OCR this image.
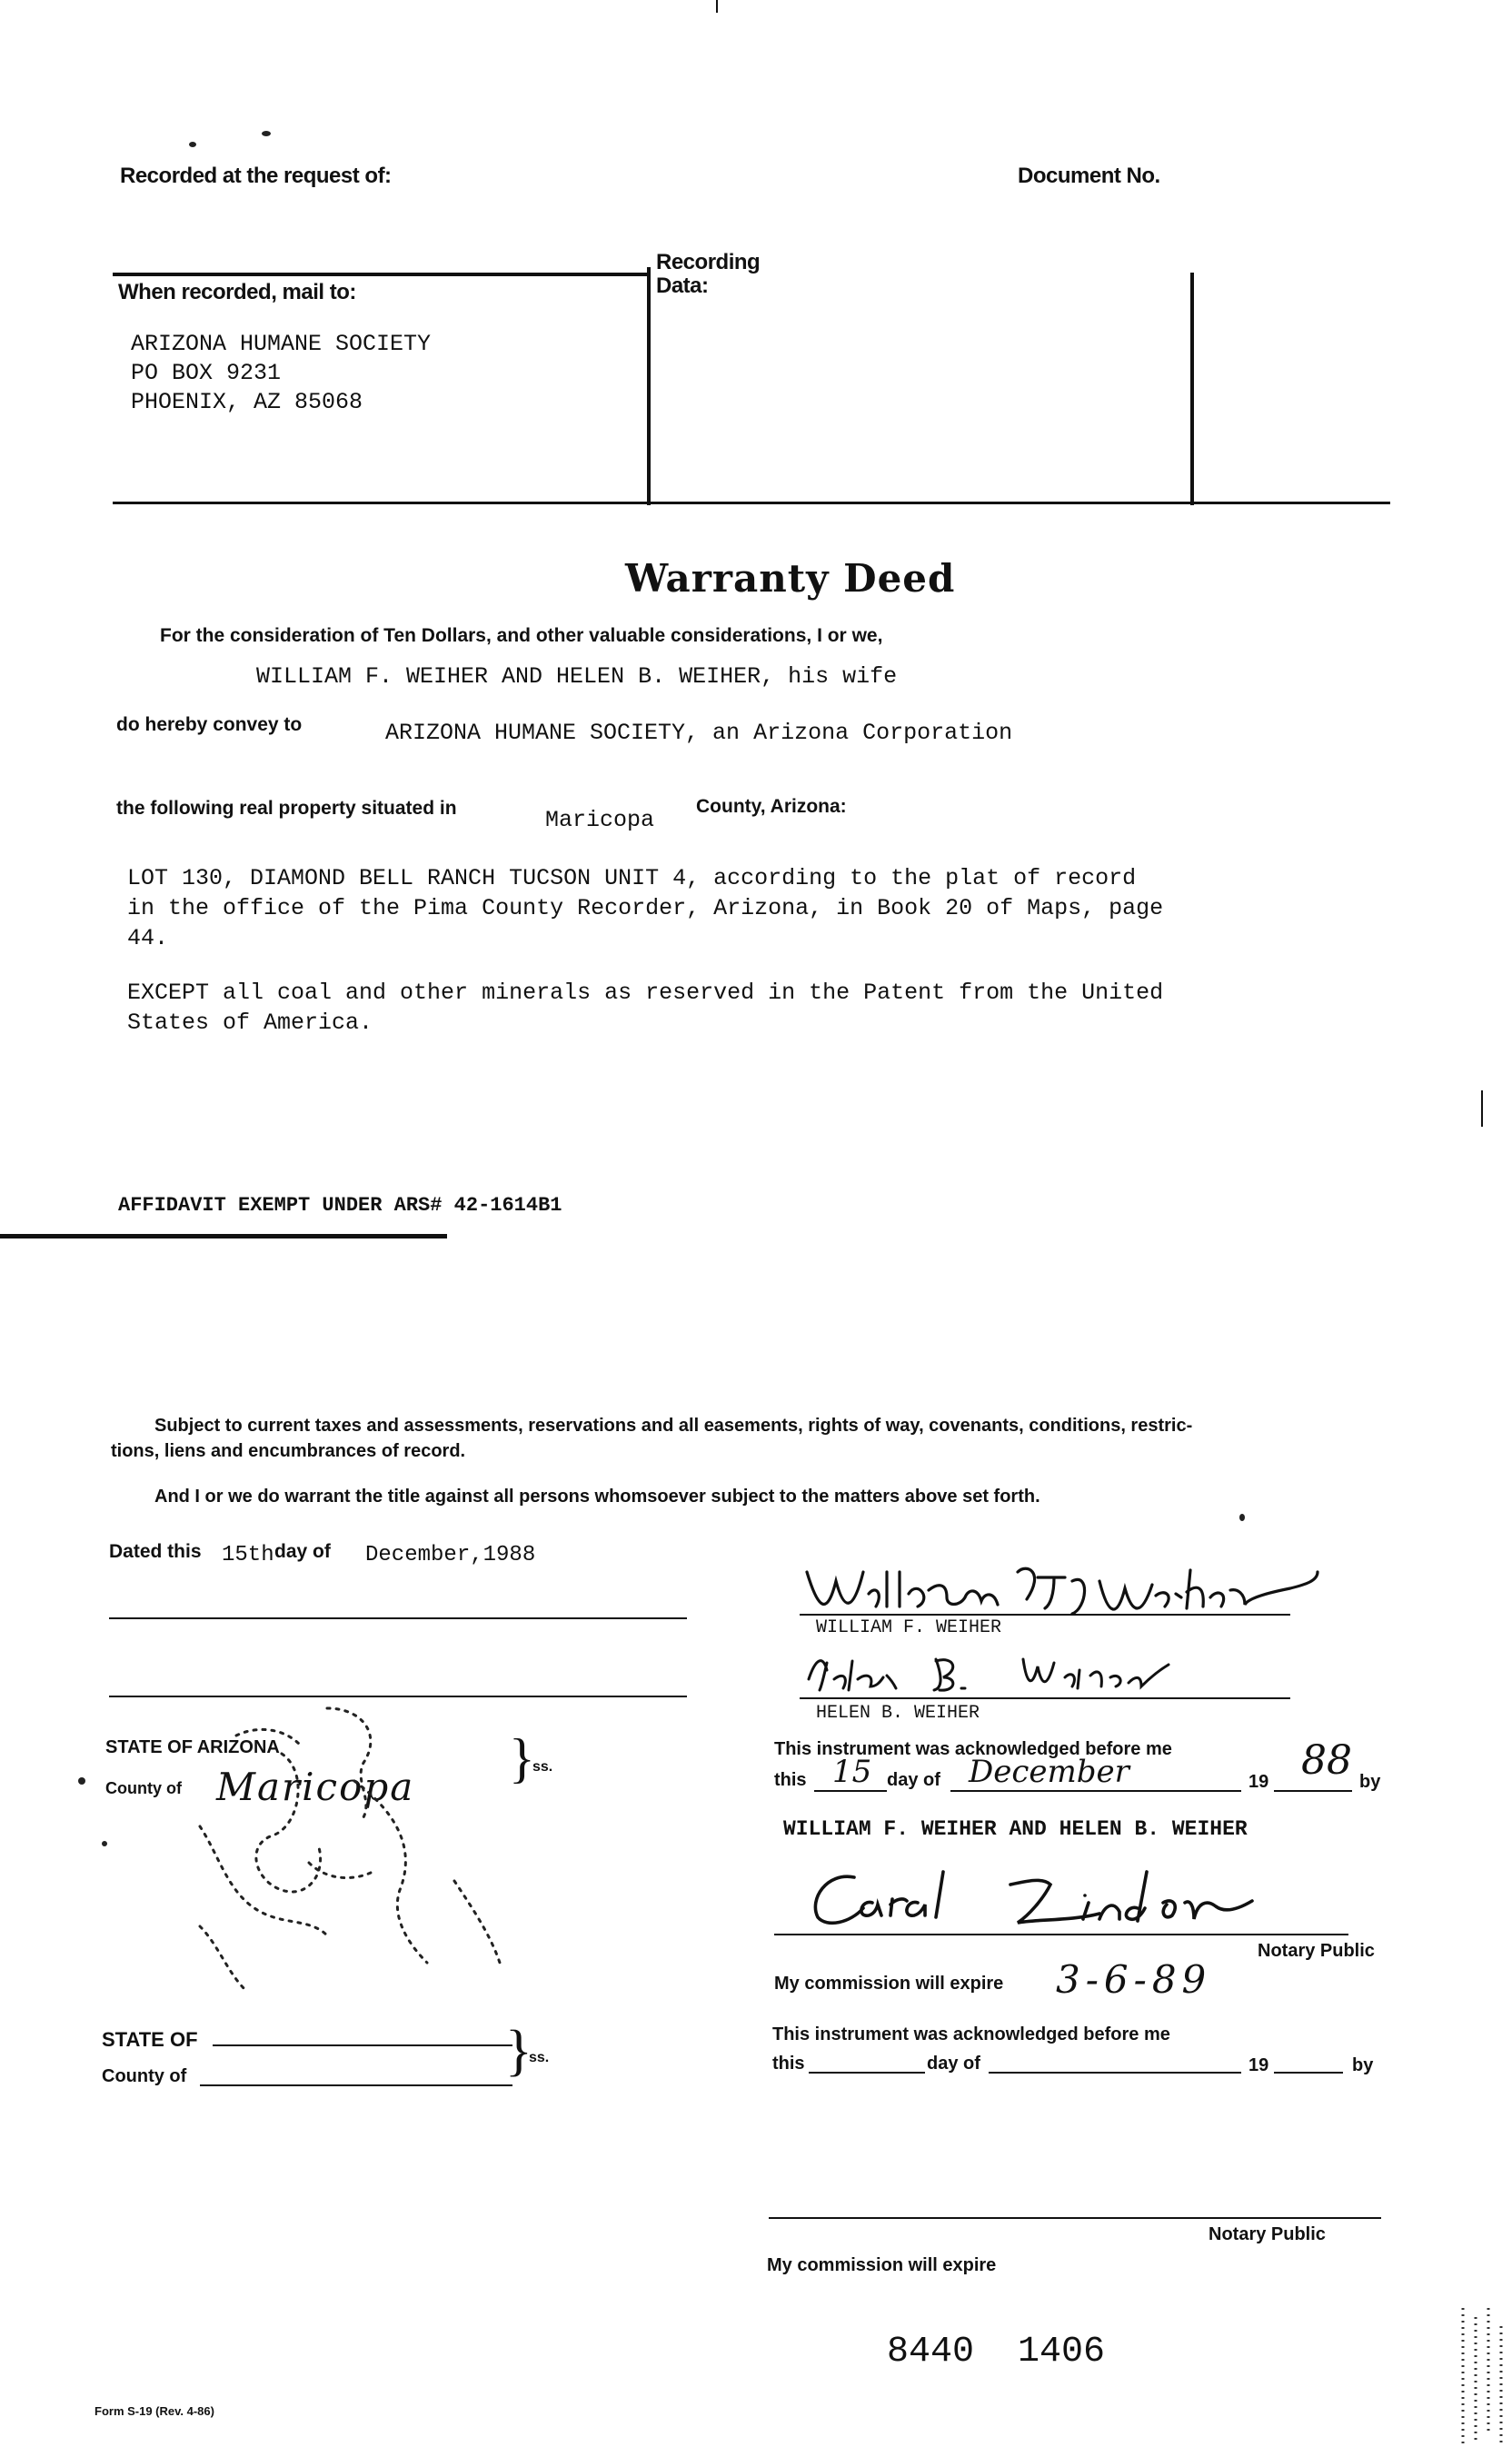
Recorded at the request of:	Document No.
Recording
Data:
When recorded, mail to:
ARIZONA HUMANE SOCIETY
PO BOX 9231
PHOENIX, AZ 85068
Warranty Deed
For the consideration of Ten Dollars, and other valuable considerations, I or we,
WILLIAM F. WEIHER AND HELEN B. WEIHER, his wife
do hereby convey to	ARIZONA HUMANE SOCIETY, an Arizona Corporation
the following real property situated in	Maricopa
County, Arizona:
LOT 130, DIAMOND BELL RANCH TUCSON UNIT 4, according to the plat of record
in the office of the Pima County Recorder, Arizona, in Book 20 of Maps, page
44.
EXCEPT all coal and other minerals as reserved in the Patent from the United
States of America.
AFFIDAVIT EXEMPT UNDER ARS# 42-1614B1
Subject to current taxes and assessments, reservations and all easements, rights of way, covenants, conditions, restric-
tions, liens and encumbrances of record.
And I or we do warrant the title against all persons whomsoever subject to the matters above set forth.
Dated this 15th day of December,1988
WILLIAM F. WEIHER
HELEN B. WEIHER
STATE OF ARIZONA
County of Maricopa }
ss.
This instrument was acknowledged before me
this 15 day of December	19 88 by
WILLIAM F. WEIHER AND HELEN B. WEIHER
Notary Public
My commission will expire 3-6-89
STATE OF
County of	}
ss.
This instrument was acknowledged before me
this	day of	19	by
Notary Public
My commission will expire
8440  1406
Form S-19 (Rev. 4-86)
